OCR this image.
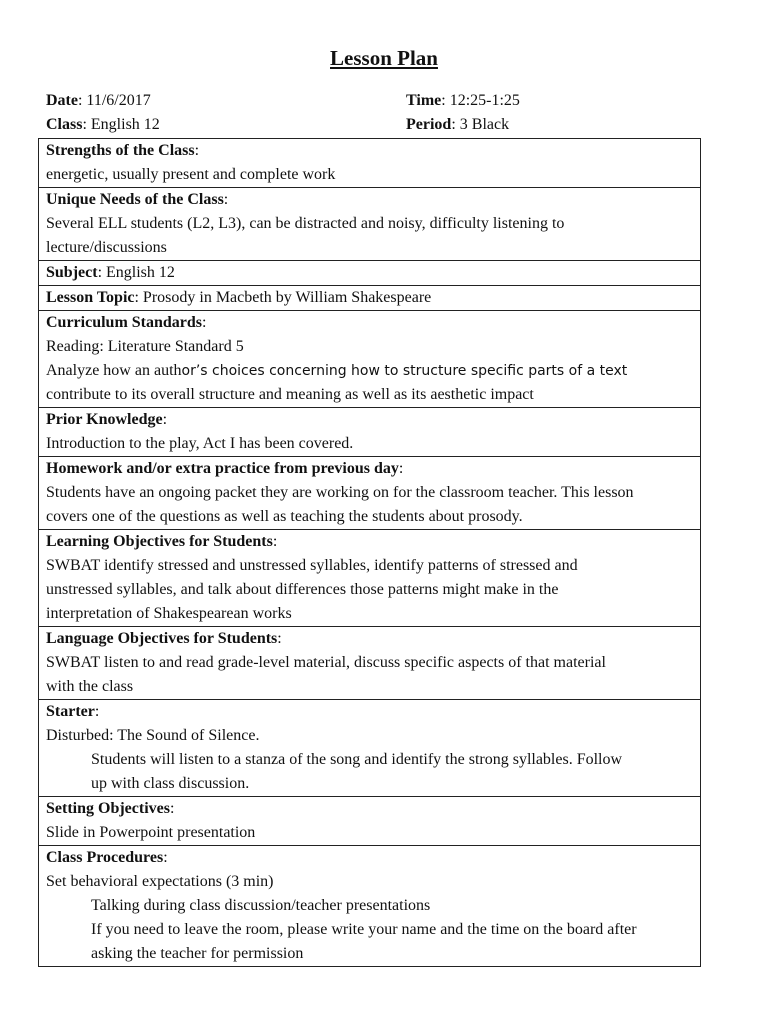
Lesson Plan
Date: 11/6/2017	Time: 12:25-1:25
Class: English 12	Period: 3 Black
Strengths of the Class:
energetic, usually present and complete work

Unique Needs of the Class:
Several ELL students (L2, L3), can be distracted and noisy, difficulty listening to
lecture/discussions

Subject: English 12

Lesson Topic: Prosody in Macbeth by William Shakespeare

Curriculum Standards:
Reading: Literature Standard 5
Analyze how an author’s choices concerning how to structure specific parts of a text
contribute to its overall structure and meaning as well as its aesthetic impact

Prior Knowledge:
Introduction to the play, Act I has been covered.

Homework and/or extra practice from previous day:
Students have an ongoing packet they are working on for the classroom teacher. This lesson
covers one of the questions as well as teaching the students about prosody.

Learning Objectives for Students:
SWBAT identify stressed and unstressed syllables, identify patterns of stressed and
unstressed syllables, and talk about differences those patterns might make in the
interpretation of Shakespearean works

Language Objectives for Students:
SWBAT listen to and read grade-level material, discuss specific aspects of that material
with the class

Starter:
Disturbed: The Sound of Silence.
Students will listen to a stanza of the song and identify the strong syllables. Follow
up with class discussion.

Setting Objectives:
Slide in Powerpoint presentation

Class Procedures:
Set behavioral expectations (3 min)
Talking during class discussion/teacher presentations
If you need to leave the room, please write your name and the time on the board after
asking the teacher for permission
